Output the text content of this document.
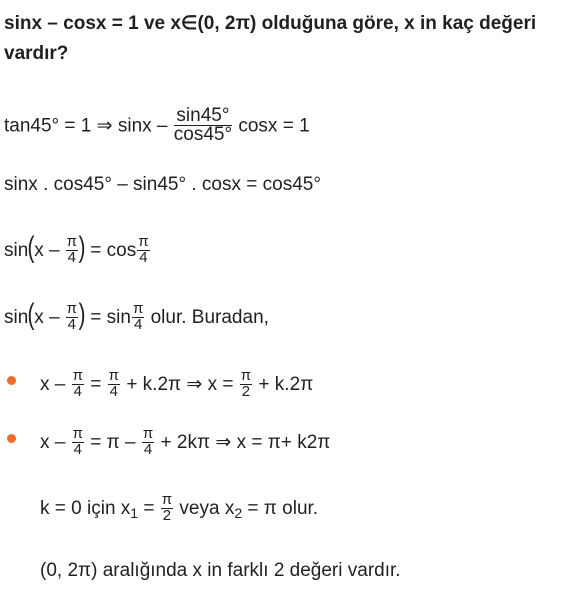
sinx – cosx = 1 ve x∈(0, 2π) olduğuna göre, x in kaç değeri
vardır?
tan45° = 1 ⇒ sinx – $\frac{\sin 45^\circ}{\cos 45^\circ}$ cosx = 1
sinx . cos45° – sin45° . cosx = cos45°
$\sin(x - \frac{\pi}{4}$ ) = $\cos \frac{\pi}{4}$
$\sin(x - \frac{\pi}{4}$ ) = $\sin \frac{\pi}{4}$ olur. Buradan,
$x - \frac{\pi}{4} = \frac{\pi}{4} + k.2\pi$ ⇒ $x = \frac{\pi}{2} + k.2\pi$
$x - \frac{\pi}{4} = \pi - \frac{\pi}{4} + 2k\pi$ ⇒ x = π+ k2π
k = 0 için $x_1 = \frac{\pi}{2}$ veya $x_2 = \pi$ olur.
(0, 2π) aralığında x in farklı 2 değeri vardır.
